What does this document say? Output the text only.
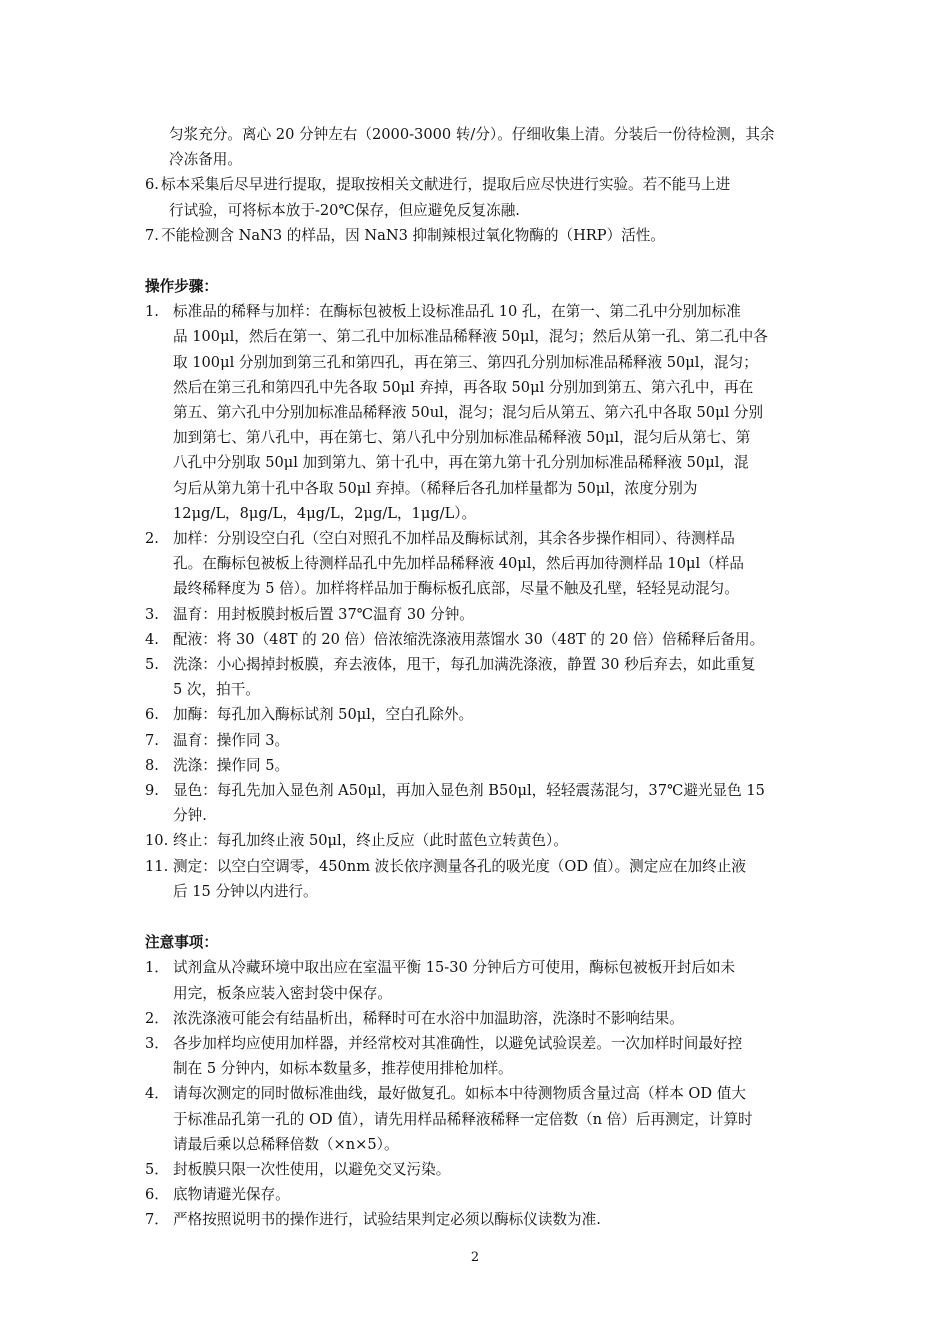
匀浆充分。离心 20 分钟左右（2000-3000 转/分）。仔细收集上清。分装后一份待检测，其余
冷冻备用。
6. 标本采集后尽早进行提取，提取按相关文献进行，提取后应尽快进行实验。若不能马上进
行试验，可将标本放于-20℃保存，但应避免反复冻融.
7. 不能检测含 NaN3 的样品，因 NaN3 抑制辣根过氧化物酶的（HRP）活性。
操作步骤：
1. 标准品的稀释与加样：在酶标包被板上设标准品孔 10 孔，在第一、第二孔中分别加标准
品 100μl，然后在第一、第二孔中加标准品稀释液 50μl，混匀；然后从第一孔、第二孔中各
取 100μl 分别加到第三孔和第四孔，再在第三、第四孔分别加标准品稀释液 50μl，混匀；
然后在第三孔和第四孔中先各取 50μl 弃掉，再各取 50μl 分别加到第五、第六孔中，再在
第五、第六孔中分别加标准品稀释液 50ul，混匀；混匀后从第五、第六孔中各取 50μl 分别
加到第七、第八孔中，再在第七、第八孔中分别加标准品稀释液 50μl，混匀后从第七、第
八孔中分别取 50μl 加到第九、第十孔中，再在第九第十孔分别加标准品稀释液 50μl，混
匀后从第九第十孔中各取 50μl 弃掉。（稀释后各孔加样量都为 50μl，浓度分别为
12μg/L，8μg/L，4μg/L，2μg/L，1μg/L）。
2. 加样：分别设空白孔（空白对照孔不加样品及酶标试剂，其余各步操作相同）、待测样品
孔。在酶标包被板上待测样品孔中先加样品稀释液 40μl，然后再加待测样品 10μl（样品
最终稀释度为 5 倍）。加样将样品加于酶标板孔底部，尽量不触及孔壁，轻轻晃动混匀。
3. 温育：用封板膜封板后置 37℃温育 30 分钟。
4. 配液：将 30（48T 的 20 倍）倍浓缩洗涤液用蒸馏水 30（48T 的 20 倍）倍稀释后备用。
5. 洗涤：小心揭掉封板膜，弃去液体，甩干，每孔加满洗涤液，静置 30 秒后弃去，如此重复
5 次，拍干。
6. 加酶：每孔加入酶标试剂 50μl，空白孔除外。
7. 温育：操作同 3。
8. 洗涤：操作同 5。
9. 显色：每孔先加入显色剂 A50μl，再加入显色剂 B50μl，轻轻震荡混匀，37℃避光显色 15
分钟.
10. 终止：每孔加终止液 50μl，终止反应（此时蓝色立转黄色）。
11. 测定：以空白空调零，450nm 波长依序测量各孔的吸光度（OD 值）。测定应在加终止液
后 15 分钟以内进行。
注意事项：
1． 试剂盒从冷藏环境中取出应在室温平衡 15-30 分钟后方可使用，酶标包被板开封后如未
用完，板条应装入密封袋中保存。
2． 浓洗涤液可能会有结晶析出，稀释时可在水浴中加温助溶，洗涤时不影响结果。
3． 各步加样均应使用加样器，并经常校对其准确性，以避免试验误差。一次加样时间最好控
制在 5 分钟内，如标本数量多，推荐使用排枪加样。
4． 请每次测定的同时做标准曲线，最好做复孔。如标本中待测物质含量过高（样本 OD 值大
于标准品孔第一孔的 OD 值），请先用样品稀释液稀释一定倍数（n 倍）后再测定，计算时
请最后乘以总稀释倍数（×n×5）。
5． 封板膜只限一次性使用，以避免交叉污染。
6． 底物请避光保存。
7． 严格按照说明书的操作进行，试验结果判定必须以酶标仪读数为准.
2
